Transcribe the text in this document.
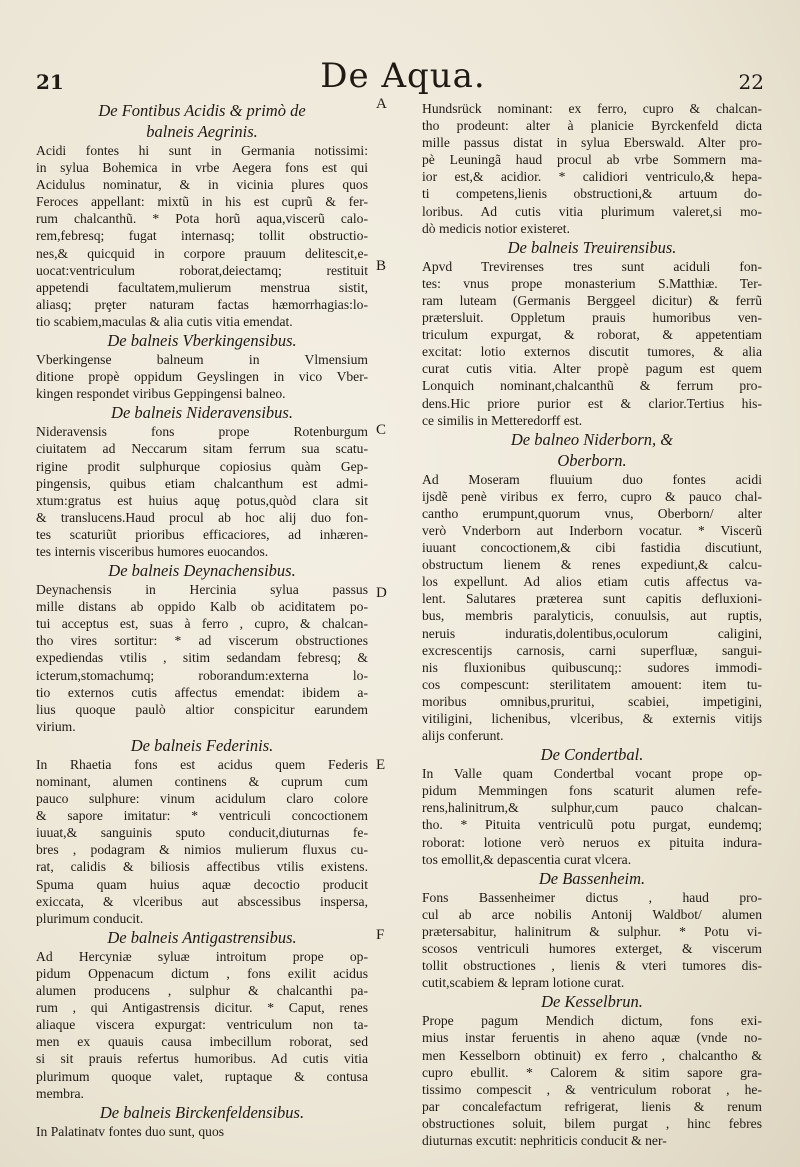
21	De Aqua.	22
De Fontibus Acidis & primò de
balneis Aegrinis.
Acidi fontes hi sunt in Germania notissimi:
in sylua Bohemica in vrbe Aegera fons est qui
Acidulus nominatur, & in vicinia plures quos
Feroces appellant: mixtũ in his est cuprũ & fer-
rum chalcanthũ. * Pota horũ aqua,viscerũ calo-
rem,febresq; fugat internasq; tollit obstructio-
nes,& quicquid in corpore prauum delitescit,e-
uocat:ventriculum roborat,deiectamq; restituit
appetendi facultatem,mulierum menstrua sistit,
aliasq; prȩter naturam factas hæmorrhagias:lo-
tio scabiem,maculas & alia cutis vitia emendat.
De balneis Vberkingensibus.
Vberkingense balneum in Vlmensium
ditione propè oppidum Geyslingen in vico Vber-
kingen respondet viribus Geppingensi balneo.
De balneis Nideravensibus.
Nideravensis fons prope Rotenburgum
ciuitatem ad Neccarum sitam ferrum sua scatu-
rigine prodit sulphurque copiosius quàm Gep-
pingensis, quibus etiam chalcanthum est admi-
xtum:gratus est huius aquȩ potus,quòd clara sit
& translucens.Haud procul ab hoc alij duo fon-
tes scaturiũt prioribus efficaciores, ad inhæren-
tes internis visceribus humores euocandos.
De balneis Deynachensibus.
Deynachensis in Hercinia sylua passus
mille distans ab oppido Kalb ob aciditatem po-
tui acceptus est, suas à ferro , cupro, & chalcan-
tho vires sortitur: * ad viscerum obstructiones
expediendas vtilis , sitim sedandam febresq; &
icterum,stomachumq; roborandum:externa lo-
tio externos cutis affectus emendat: ibidem a-
lius quoque paulò altior conspicitur earundem
virium.
De balneis Federinis.
In Rhaetia fons est acidus quem Federis
nominant, alumen continens & cuprum cum
pauco sulphure: vinum acidulum claro colore
& sapore imitatur: * ventriculi concoctionem
iuuat,& sanguinis sputo conducit,diuturnas fe-
bres , podagram & nimios mulierum fluxus cu-
rat, calidis & biliosis affectibus vtilis existens.
Spuma quam huius aquæ decoctio producit
exiccata, & vlceribus aut abscessibus inspersa,
plurimum conducit.
De balneis Antigastrensibus.
Ad Hercyniæ syluæ introitum prope op-
pidum Oppenacum dictum , fons exilit acidus
alumen producens , sulphur & chalcanthi pa-
rum , qui Antigastrensis dicitur. * Caput, renes
aliaque viscera expurgat: ventriculum non ta-
men ex quauis causa imbecillum roborat, sed
si sit prauis refertus humoribus. Ad cutis vitia
plurimum quoque valet, ruptaque & contusa
membra.
De balneis Birckenfeldensibus.
In Palatinatv fontes duo sunt, quos
A
B
C
D
E
F
Hundsrück nominant: ex ferro, cupro & chalcan-
tho prodeunt: alter à planicie Byrckenfeld dicta
mille passus distat in sylua Eberswald. Alter pro-
pè Leuningã haud procul ab vrbe Sommern ma-
ior est,& acidior. * calidiori ventriculo,& hepa-
ti competens,lienis obstructioni,& artuum do-
loribus. Ad cutis vitia plurimum valeret,si mo-
dò medicis notior existeret.
De balneis Treuirensibus.
Apvd Trevirenses tres sunt aciduli fon-
tes: vnus prope monasterium S.Matthiæ. Ter-
ram luteam (Germanis Berggeel dicitur) & ferrũ
prætersluit. Oppletum prauis humoribus ven-
triculum expurgat, & roborat, & appetentiam
excitat: lotio externos discutit tumores, & alia
curat cutis vitia. Alter propè pagum est quem
Lonquich nominant,chalcanthũ & ferrum pro-
dens.Hic priore purior est & clarior.Tertius his-
ce similis in Metteredorff est.
De balneo Niderborn, &
Oberborn.
Ad Moseram fluuium duo fontes acidi
ijsdẽ penè viribus ex ferro, cupro & pauco chal-
cantho erumpunt,quorum vnus, Oberborn/ alter
verò Vnderborn aut Inderborn vocatur. * Viscerũ
iuuant concoctionem,& cibi fastidia discutiunt,
obstructum lienem & renes expediunt,& calcu-
los expellunt. Ad alios etiam cutis affectus va-
lent. Salutares præterea sunt capitis defluxioni-
bus, membris paralyticis, conuulsis, aut ruptis,
neruis induratis,dolentibus,oculorum caligini,
excrescentijs carnosis, carni superfluæ, sangui-
nis fluxionibus quibuscunq;: sudores immodi-
cos compescunt: sterilitatem amouent: item tu-
moribus omnibus,pruritui, scabiei, impetigini,
vitiligini, lichenibus, vlceribus, & externis vitijs
alijs conferunt.
De Condertbal.
In Valle quam Condertbal vocant prope op-
pidum Memmingen fons scaturit alumen refe-
rens,halinitrum,& sulphur,cum pauco chalcan-
tho. * Pituita ventriculũ potu purgat, eundemq;
roborat: lotione verò neruos ex pituita indura-
tos emollit,& depascentia curat vlcera.
De Bassenheim.
Fons Bassenheimer dictus , haud pro-
cul ab arce nobilis Antonij Waldbot/ alumen
prætersabitur, halinitrum & sulphur. * Potu vi-
scosos ventriculi humores exterget, & viscerum
tollit obstructiones , lienis & vteri tumores dis-
cutit,scabiem & lepram lotione curat.
De Kesselbrun.
Prope pagum Mendich dictum, fons exi-
mius instar feruentis in aheno aquæ (vnde no-
men Kesselborn obtinuit) ex ferro , chalcantho &
cupro ebullit. * Calorem & sitim sapore gra-
tissimo compescit , & ventriculum roborat , he-
par concalefactum refrigerat, lienis & renum
obstructiones soluit, bilem purgat , hinc febres
diuturnas excutit: nephriticis conducit & ner-
